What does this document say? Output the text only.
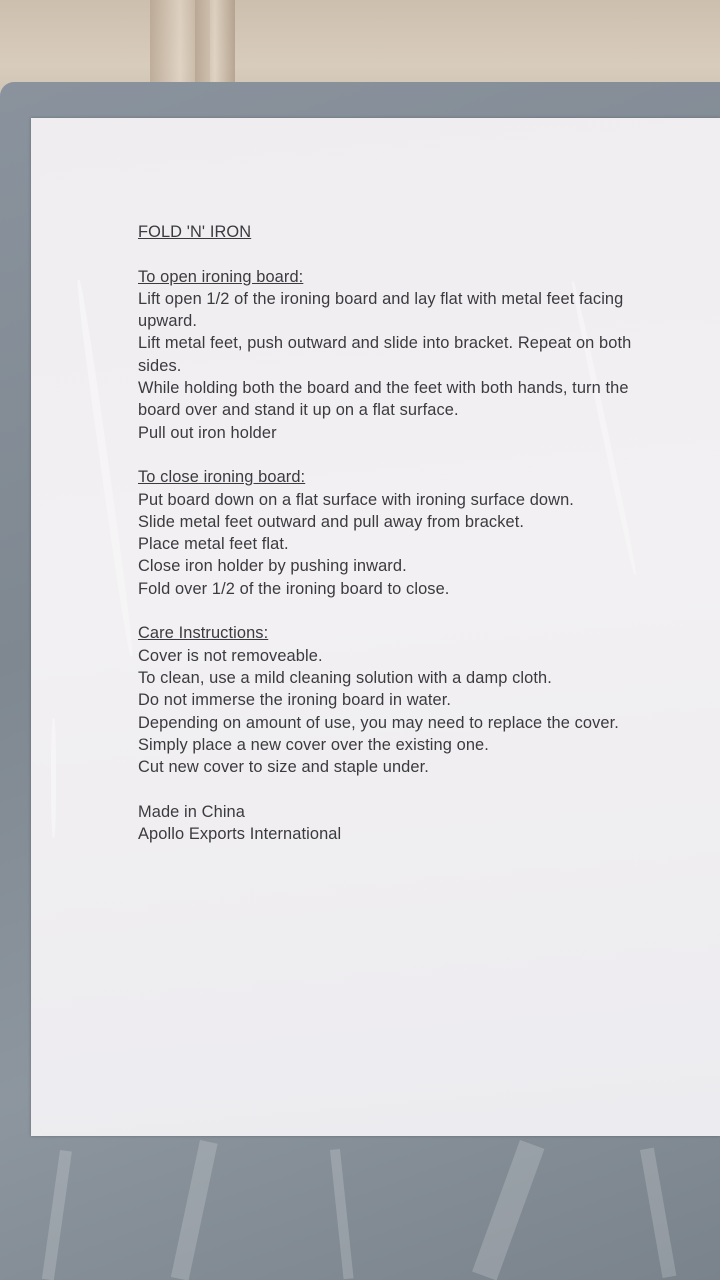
FOLD 'N' IRON
To open ironing board:
Lift open 1/2 of the ironing board and lay flat with metal feet facing
upward.
Lift metal feet, push outward and slide into bracket. Repeat on both
sides.
While holding both the board and the feet with both hands, turn the
board over and stand it up on a flat surface.
Pull out iron holder
To close ironing board:
Put board down on a flat surface with ironing surface down.
Slide metal feet outward and pull away from bracket.
Place metal feet flat.
Close iron holder by pushing inward.
Fold over 1/2 of the ironing board to close.
Care Instructions:
Cover is not removeable.
To clean, use a mild cleaning solution with a damp cloth.
Do not immerse the ironing board in water.
Depending on amount of use, you may need to replace the cover.
Simply place a new cover over the existing one.
Cut new cover to size and staple under.
Made in China
Apollo Exports International
